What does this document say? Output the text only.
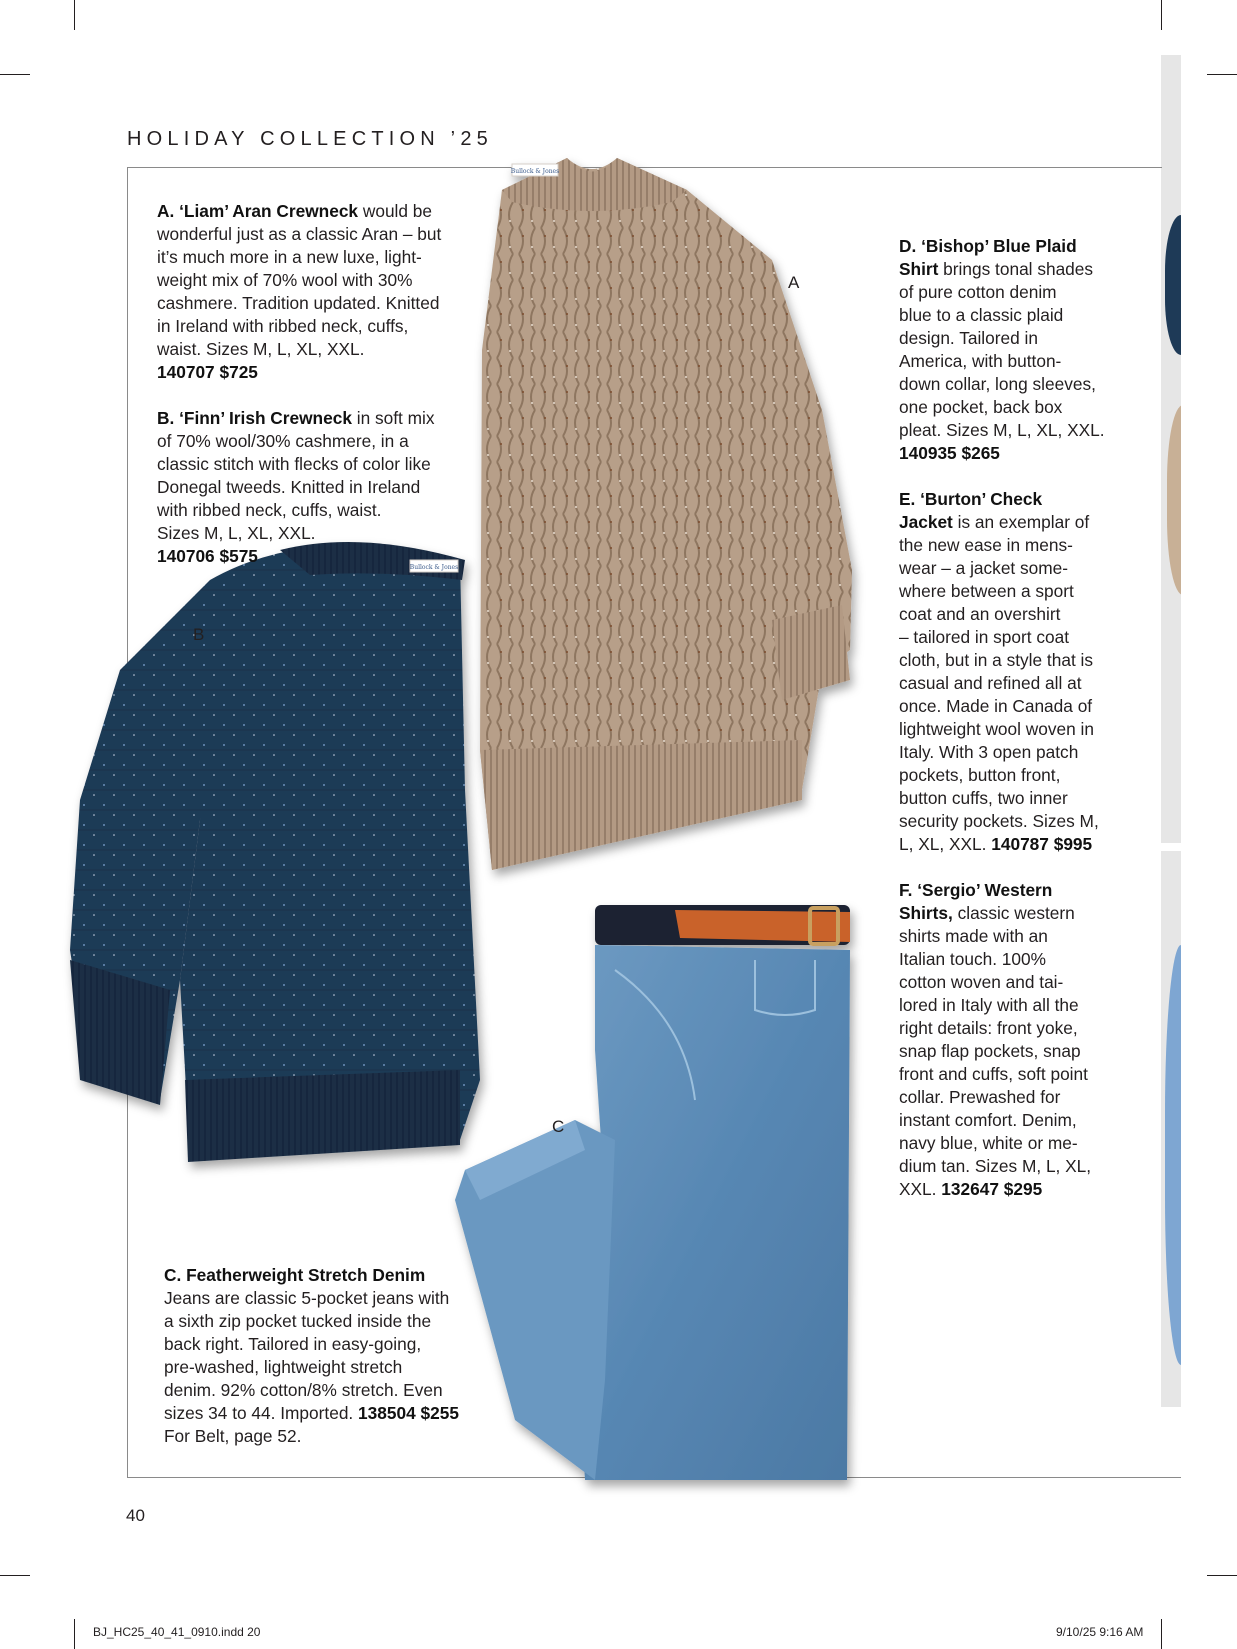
HOLIDAY COLLECTION ’25
Bullock & Jones
Bullock & Jones
A
B
C

A. ‘Liam’ Aran Crewneck would be
wonderful just as a classic Aran – but
it’s much more in a new luxe, light-
weight mix of 70% wool with 30%
cashmere. Tradition updated. Knitted
in Ireland with ribbed neck, cuffs,
waist. Sizes M, L, XL, XXL.
140707 $725

B. ‘Finn’ Irish Crewneck in soft mix
of 70% wool/30% cashmere, in a
classic stitch with flecks of color like
Donegal tweeds. Knitted in Ireland
with ribbed neck, cuffs, waist.
Sizes M, L, XL, XXL.
140706 $575

C. Featherweight Stretch Denim
Jeans are classic 5-pocket jeans with
a sixth zip pocket tucked inside the
back right. Tailored in easy-going,
pre-washed, lightweight stretch
denim. 92% cotton/8% stretch. Even
sizes 34 to 44. Imported. 138504 $255
For Belt, page 52.

D. ‘Bishop’ Blue Plaid
Shirt brings tonal shades
of pure cotton denim
blue to a classic plaid
design. Tailored in
America, with button-
down collar, long sleeves,
one pocket, back box
pleat. Sizes M, L, XL, XXL.
140935 $265

E. ‘Burton’ Check
Jacket is an exemplar of
the new ease in mens-
wear – a jacket some-
where between a sport
coat and an overshirt
– tailored in sport coat
cloth, but in a style that is
casual and refined all at
once. Made in Canada of
lightweight wool woven in
Italy. With 3 open patch
pockets, button front,
button cuffs, two inner
security pockets. Sizes M,
L, XL, XXL. 140787 $995

F. ‘Sergio’ Western
Shirts, classic western
shirts made with an
Italian touch. 100%
cotton woven and tai-
lored in Italy with all the
right details: front yoke,
snap flap pockets, snap
front and cuffs, soft point
collar. Prewashed for
instant comfort. Denim,
navy blue, white or me-
dium tan. Sizes M, L, XL,
XXL. 132647 $295

40
BJ_HC25_40_41_0910.indd 20	9/10/25 9:16 AM
